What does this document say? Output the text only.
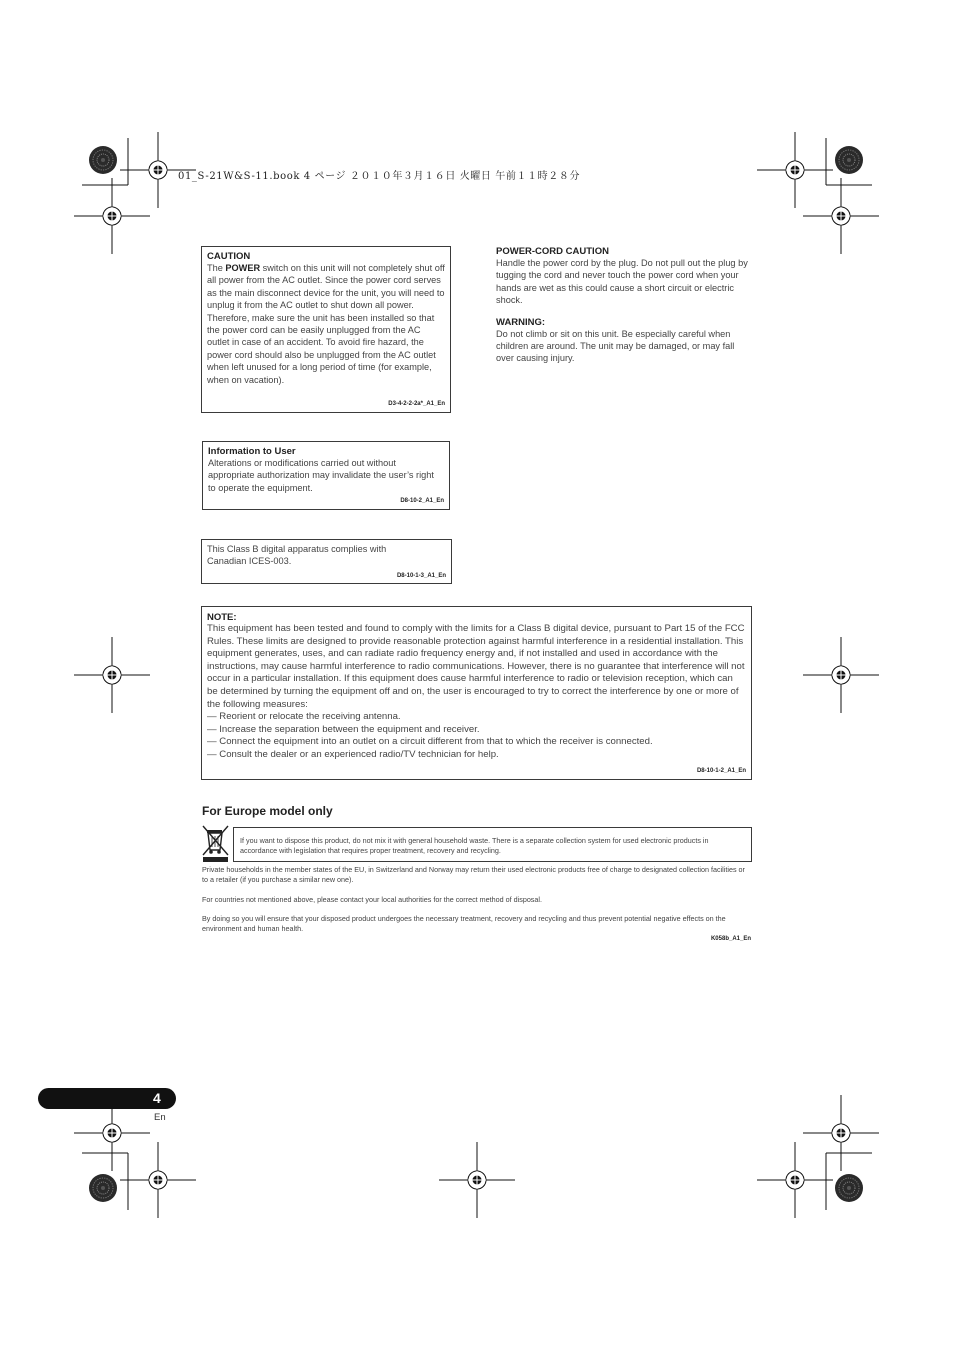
01_S-21W&S-11.book 4 ページ ２０１０年３月１６日 火曜日 午前１１時２８分
CAUTION
The POWER switch on this unit will not completely shut off all power from the AC outlet. Since the power cord serves as the main disconnect device for the unit, you will need to unplug it from the AC outlet to shut down all power. Therefore, make sure the unit has been installed so that the power cord can be easily unplugged from the AC outlet in case of an accident. To avoid fire hazard, the power cord should also be unplugged from the AC outlet when left unused for a long period of time (for example, when on vacation).
D3-4-2-2-2a*_A1_En
POWER-CORD CAUTION
Handle the power cord by the plug. Do not pull out the plug by tugging the cord and never touch the power cord when your hands are wet as this could cause a short circuit or electric shock.
WARNING:
Do not climb or sit on this unit. Be especially careful when children are around. The unit may be damaged, or may fall over causing injury.
Information to User
Alterations or modifications carried out without appropriate authorization may invalidate the user’s right to operate the equipment.
D8-10-2_A1_En
This Class B digital apparatus complies with Canadian ICES-003.
D8-10-1-3_A1_En
NOTE:
This equipment has been tested and found to comply with the limits for a Class B digital device, pursuant to Part 15 of the FCC Rules. These limits are designed to provide reasonable protection against harmful interference in a residential installation. This equipment generates, uses, and can radiate radio frequency energy and, if not installed and used in accordance with the instructions, may cause harmful interference to radio communications. However, there is no guarantee that interference will not occur in a particular installation. If this equipment does cause harmful interference to radio or television reception, which can be determined by turning the equipment off and on, the user is encouraged to try to correct the interference by one or more of the following measures:
— Reorient or relocate the receiving antenna.
— Increase the separation between the equipment and receiver.
— Connect the equipment into an outlet on a circuit different from that to which the receiver is connected.
— Consult the dealer or an experienced radio/TV technician for help.
D8-10-1-2_A1_En
For Europe model only
If you want to dispose this product, do not mix it with general household waste. There is a separate collection system for used electronic products in accordance with legislation that requires proper treatment, recovery and recycling.
Private households in the member states of the EU, in Switzerland and Norway may return their used electronic products free of charge to designated collection facilities or to a retailer (if you purchase a similar new one).
For countries not mentioned above, please contact your local authorities for the correct method of disposal.
By doing so you will ensure that your disposed product undergoes the necessary treatment, recovery and recycling and thus prevent potential negative effects on the environment and human health.
K058b_A1_En
4
En
